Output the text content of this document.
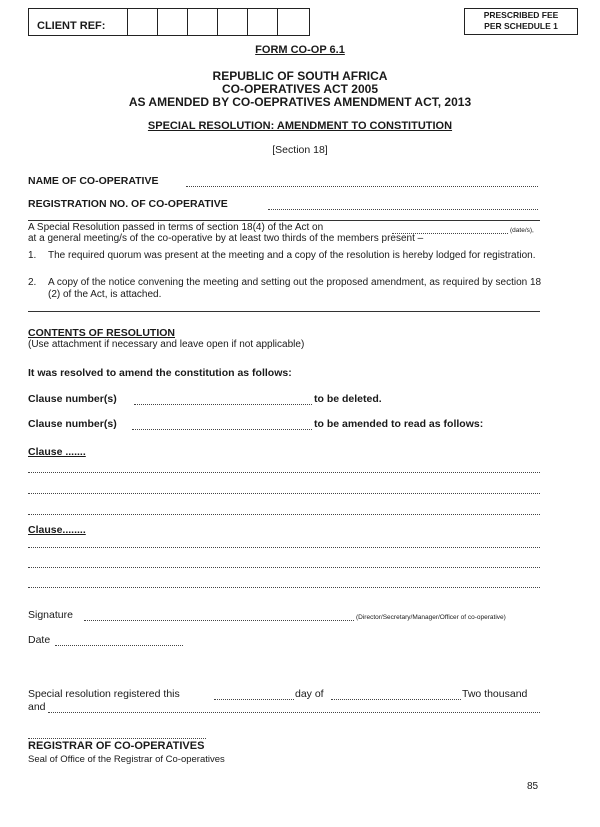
CLIENT REF:
PRESCRIBED FEE
PER SCHEDULE 1
FORM CO-OP 6.1
REPUBLIC OF SOUTH AFRICA
CO-OPERATIVES ACT 2005
AS AMENDED BY CO-OEPRATIVES AMENDMENT ACT, 2013
SPECIAL RESOLUTION: AMENDMENT TO CONSTITUTION
[Section 18]
NAME OF CO-OPERATIVE
REGISTRATION NO. OF CO-OPERATIVE
A Special Resolution passed in terms of section 18(4) of the Act on	(date/s),
at a general meeting/s of the co-operative by at least two thirds of the members present –
1. The required quorum was present at the meeting and a copy of the resolution is hereby lodged for registration.
2. A copy of the notice convening the meeting and setting out the proposed amendment, as required by section 18 (2) of the Act, is attached.
CONTENTS OF RESOLUTION
(Use attachment if necessary and leave open if not applicable)
It was resolved to amend the constitution as follows:
Clause number(s)	to be deleted.
Clause number(s)	to be amended to read as follows:
Clause .......
Clause........
Signature	(Director/Secretary/Manager/Officer of co-operative)
Date
Special resolution registered this	day of	Two thousand
and
REGISTRAR OF CO-OPERATIVES
Seal of Office of the Registrar of Co-operatives
85
